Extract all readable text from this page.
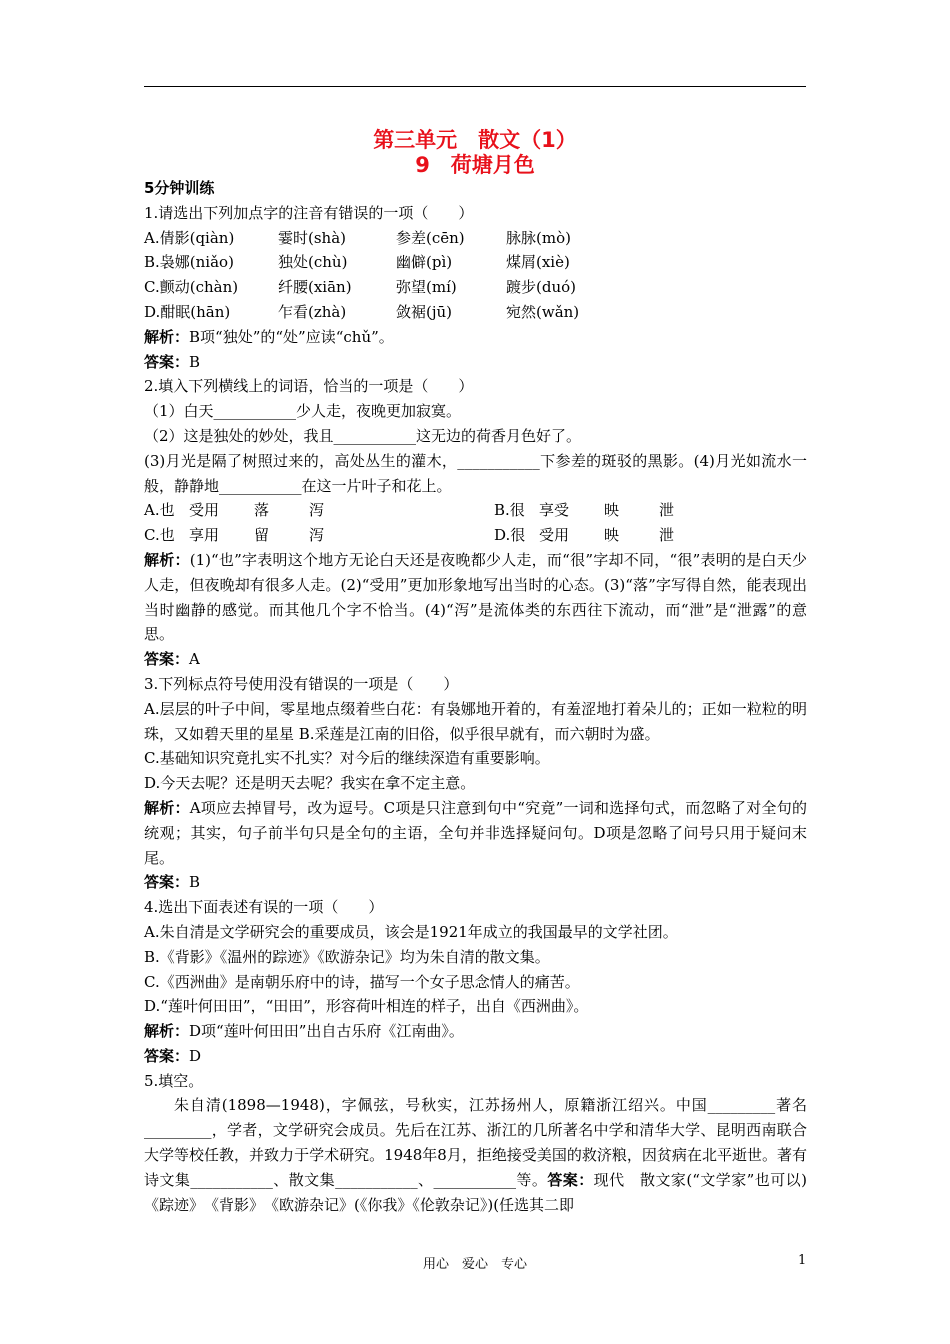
第三单元　散文（1）
9　荷塘月色
5分钟训练
1.请选出下列加点字的注音有错误的一项（　　）
A.倩影(qiàn)	霎时(shà)	参差(cēn)	脉脉(mò)
B.袅娜(niǎo)	独处(chù)	幽僻(pì)	煤屑(xiè)
C.颤动(chàn)	纤腰(xiān)	弥望(mí)	踱步(duó)
D.酣眠(hān)	乍看(zhà)	敛裾(jū)	宛然(wǎn)
解析：B项“独处”的“处”应读“chǔ”。
答案：B
2.填入下列横线上的词语，恰当的一项是（　　）
（1）白天___________少人走，夜晚更加寂寞。
（2）这是独处的妙处，我且___________这无边的荷香月色好了。
(3)月光是隔了树照过来的，高处丛生的灌木，___________下参差的斑驳的黑影。(4)月光如流水一般，静静地___________在这一片叶子和花上。
A.也 受用	落	泻	B.很 享受	映	泄
C.也 享用	留	泻	D.很 受用	映	泄
解析：(1)“也”字表明这个地方无论白天还是夜晚都少人走，而“很”字却不同，“很”表明的是白天少人走，但夜晚却有很多人走。(2)“受用”更加形象地写出当时的心态。(3)“落”字写得自然，能表现出当时幽静的感觉。而其他几个字不恰当。(4)“泻”是流体类的东西往下流动，而“泄”是“泄露”的意思。
答案：A
3.下列标点符号使用没有错误的一项是（　　）
A.层层的叶子中间，零星地点缀着些白花：有袅娜地开着的，有羞涩地打着朵儿的；正如一粒粒的明珠，又如碧天里的星星 B.采莲是江南的旧俗，似乎很早就有，而六朝时为盛。
C.基础知识究竟扎实不扎实？对今后的继续深造有重要影响。
D.今天去呢？还是明天去呢？我实在拿不定主意。
解析：A项应去掉冒号，改为逗号。C项是只注意到句中“究竟”一词和选择句式，而忽略了对全句的统观；其实，句子前半句只是全句的主语，全句并非选择疑问句。D项是忽略了问号只用于疑问末尾。
答案：B
4.选出下面表述有误的一项（　　）
A.朱自清是文学研究会的重要成员，该会是1921年成立的我国最早的文学社团。
B.《背影》《温州的踪迹》《欧游杂记》均为朱自清的散文集。
C.《西洲曲》是南朝乐府中的诗，描写一个女子思念情人的痛苦。
D.“莲叶何田田”，“田田”，形容荷叶相连的样子，出自《西洲曲》。
解析：D项“莲叶何田田”出自古乐府《江南曲》。
答案：D
5.填空。
朱自清(1898—1948)，字佩弦，号秋实，江苏扬州人，原籍浙江绍兴。中国_________著名_________，学者，文学研究会成员。先后在江苏、浙江的几所著名中学和清华大学、昆明西南联合大学等校任教，并致力于学术研究。1948年8月，拒绝接受美国的救济粮，因贫病在北平逝世。著有诗文集___________、散文集___________、___________等。答案：现代　散文家(“文学家”也可以)　《踪迹》　《背影》　《欧游杂记》(《你我》《伦敦杂记》)(任选其二即
用心　爱心　专心	1
